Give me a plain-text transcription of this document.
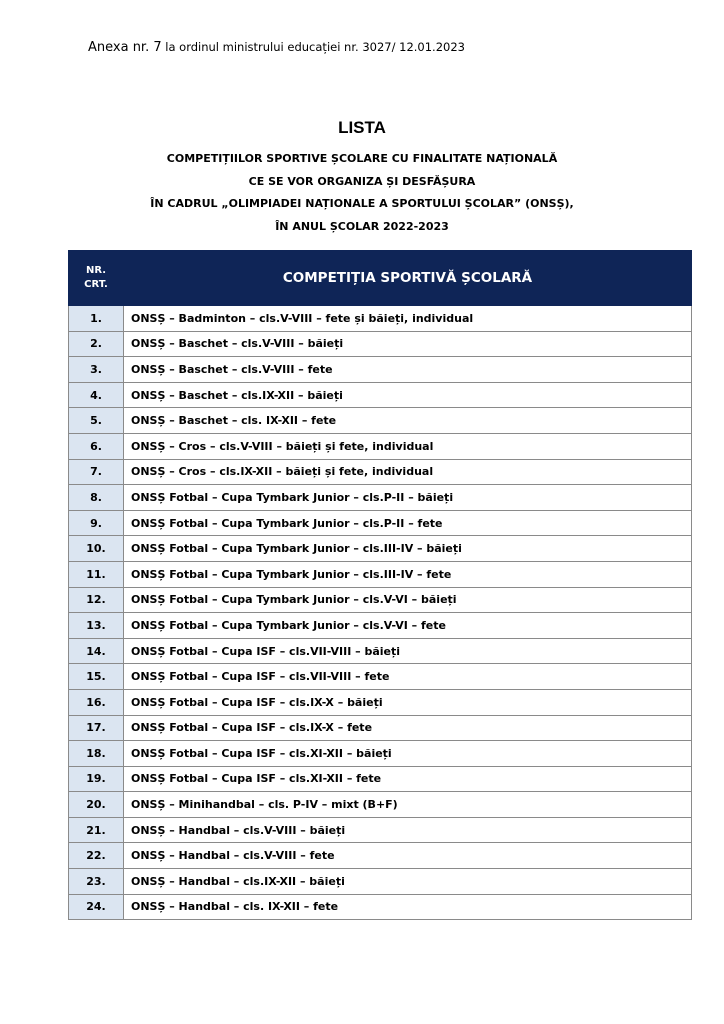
Anexa nr. 7 la ordinul ministrului educației nr. 3027/ 12.01.2023
LISTA
COMPETIȚIILOR SPORTIVE ȘCOLARE CU FINALITATE NAȚIONALĂ
CE SE VOR ORGANIZA ȘI DESFĂȘURA
ÎN CADRUL „OLIMPIADEI NAȚIONALE A SPORTULUI ȘCOLAR” (ONSȘ),
ÎN ANUL ȘCOLAR 2022-2023
NR.
CRT.	COMPETIȚIA SPORTIVĂ ȘCOLARĂ
1.	ONSȘ – Badminton – cls.V-VIII – fete și băieți, individual
2.	ONSȘ – Baschet – cls.V-VIII – băieți
3.	ONSȘ – Baschet – cls.V-VIII – fete
4.	ONSȘ – Baschet – cls.IX-XII – băieți
5.	ONSȘ – Baschet – cls. IX-XII – fete
6.	ONSȘ – Cros – cls.V-VIII – băieți și fete, individual
7.	ONSȘ – Cros – cls.IX-XII – băieți și fete, individual
8.	ONSȘ Fotbal – Cupa Tymbark Junior – cls.P-II – băieți
9.	ONSȘ Fotbal – Cupa Tymbark Junior – cls.P-II – fete
10.	ONSȘ Fotbal – Cupa Tymbark Junior – cls.III-IV – băieți
11.	ONSȘ Fotbal – Cupa Tymbark Junior – cls.III-IV – fete
12.	ONSȘ Fotbal – Cupa Tymbark Junior – cls.V-VI – băieți
13.	ONSȘ Fotbal – Cupa Tymbark Junior – cls.V-VI – fete
14.	ONSȘ Fotbal – Cupa ISF – cls.VII-VIII – băieți
15.	ONSȘ Fotbal – Cupa ISF – cls.VII-VIII – fete
16.	ONSȘ Fotbal – Cupa ISF – cls.IX-X – băieți
17.	ONSȘ Fotbal – Cupa ISF – cls.IX-X – fete
18.	ONSȘ Fotbal – Cupa ISF – cls.XI-XII – băieți
19.	ONSȘ Fotbal – Cupa ISF – cls.XI-XII – fete
20.	ONSȘ – Minihandbal – cls. P-IV – mixt (B+F)
21.	ONSȘ – Handbal – cls.V-VIII – băieți
22.	ONSȘ – Handbal – cls.V-VIII – fete
23.	ONSȘ – Handbal – cls.IX-XII – băieți
24.	ONSȘ – Handbal – cls. IX-XII – fete
